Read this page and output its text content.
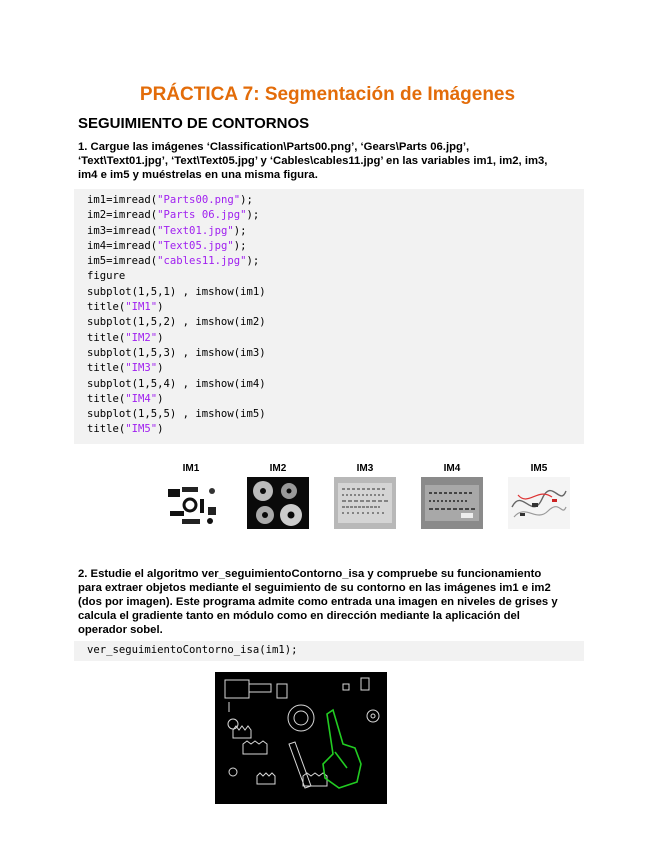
PRÁCTICA 7: Segmentación de Imágenes
SEGUIMIENTO DE CONTORNOS
1. Cargue las imágenes ‘Classification\Parts00.png’, ‘Gears\Parts 06.jpg’,
‘Text\Text01.jpg’, ‘Text\Text05.jpg’ y ‘Cables\cables11.jpg’ en las variables im1, im2, im3,
im4 e im5 y muéstrelas en una misma figura.
im1=imread("Parts00.png");
im2=imread("Parts 06.jpg");
im3=imread("Text01.jpg");
im4=imread("Text05.jpg");
im5=imread("cables11.jpg");
figure
subplot(1,5,1) , imshow(im1)
title("IM1")
subplot(1,5,2) , imshow(im2)
title("IM2")
subplot(1,5,3) , imshow(im3)
title("IM3")
subplot(1,5,4) , imshow(im4)
title("IM4")
subplot(1,5,5) , imshow(im5)
title("IM5")
IM1	IM2	IM3	IM4	IM5
2. Estudie el algoritmo ver_seguimientoContorno_isa y compruebe su funcionamiento
para extraer objetos mediante el seguimiento de su contorno en las imágenes im1 e im2
(dos por imagen). Este programa admite como entrada una imagen en niveles de grises y
calcula el gradiente tanto en módulo como en dirección mediante la aplicación del
operador sobel.
ver_seguimientoContorno_isa(im1);
